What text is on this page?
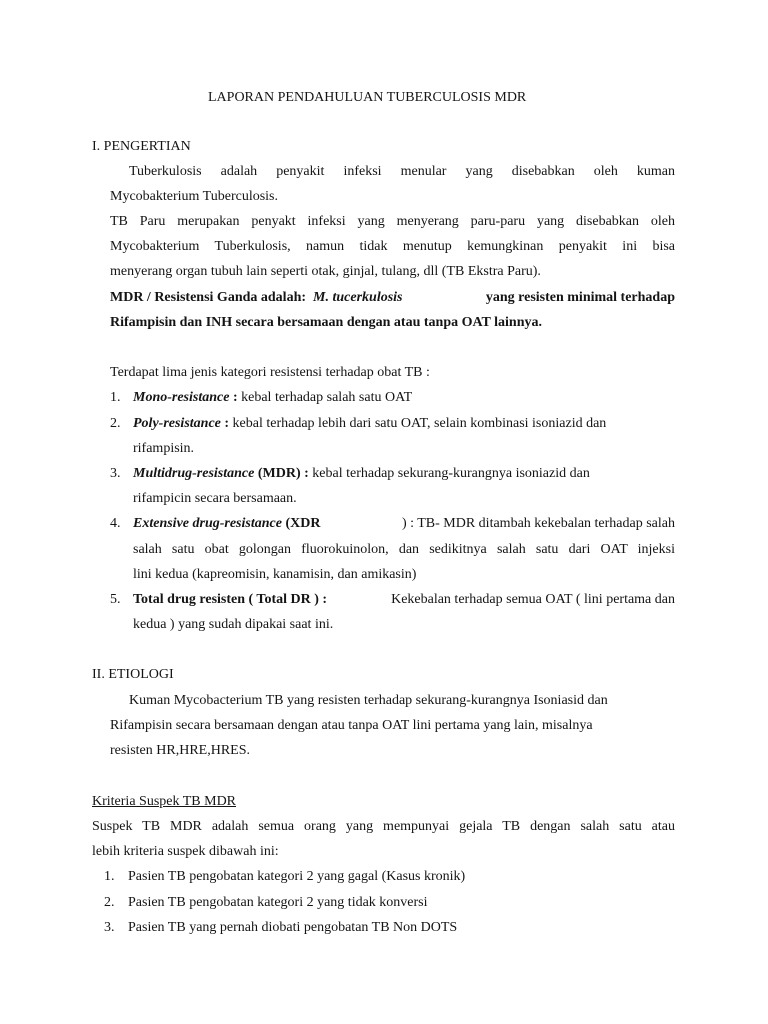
LAPORAN PENDAHULUAN TUBERCULOSIS MDR
I. PENGERTIAN
Tuberkulosis adalah penyakit infeksi menular yang disebabkan oleh kuman
Mycobakterium Tuberculosis.
TB Paru merupakan penyakt infeksi yang menyerang paru-paru yang disebabkan oleh
Mycobakterium Tuberkulosis, namun tidak menutup kemungkinan penyakit ini bisa
menyerang organ tubuh lain seperti otak, ginjal, tulang, dll (TB Ekstra Paru).
MDR / Resistensi Ganda adalah:  M. tucerkulosis	yang resisten minimal terhadap
Rifampisin dan INH secara bersamaan dengan atau tanpa OAT lainnya.
Terdapat lima jenis kategori resistensi terhadap obat TB :
1. Mono-resistance : kebal terhadap salah satu OAT
2. Poly-resistance : kebal terhadap lebih dari satu OAT, selain kombinasi isoniazid dan
rifampisin.
3. Multidrug-resistance (MDR) : kebal terhadap sekurang-kurangnya isoniazid dan
rifampicin secara bersamaan.
4. Extensive drug-resistance (XDR	) : TB- MDR ditambah kekebalan terhadap salah
salah satu obat golongan fluorokuinolon, dan sedikitnya salah satu dari OAT injeksi
lini kedua (kapreomisin, kanamisin, dan amikasin)
5. Total drug resisten ( Total DR ) :	Kekebalan terhadap semua OAT ( lini pertama dan
kedua ) yang sudah dipakai saat ini.
II. ETIOLOGI
Kuman Mycobacterium TB yang resisten terhadap sekurang-kurangnya Isoniasid dan
Rifampisin secara bersamaan dengan atau tanpa OAT lini pertama yang lain, misalnya
resisten HR,HRE,HRES.
Kriteria Suspek TB MDR
Suspek TB MDR adalah semua orang yang mempunyai gejala TB dengan salah satu atau
lebih kriteria suspek dibawah ini:
1. Pasien TB pengobatan kategori 2 yang gagal (Kasus kronik)
2. Pasien TB pengobatan kategori 2 yang tidak konversi
3. Pasien TB yang pernah diobati pengobatan TB Non DOTS
